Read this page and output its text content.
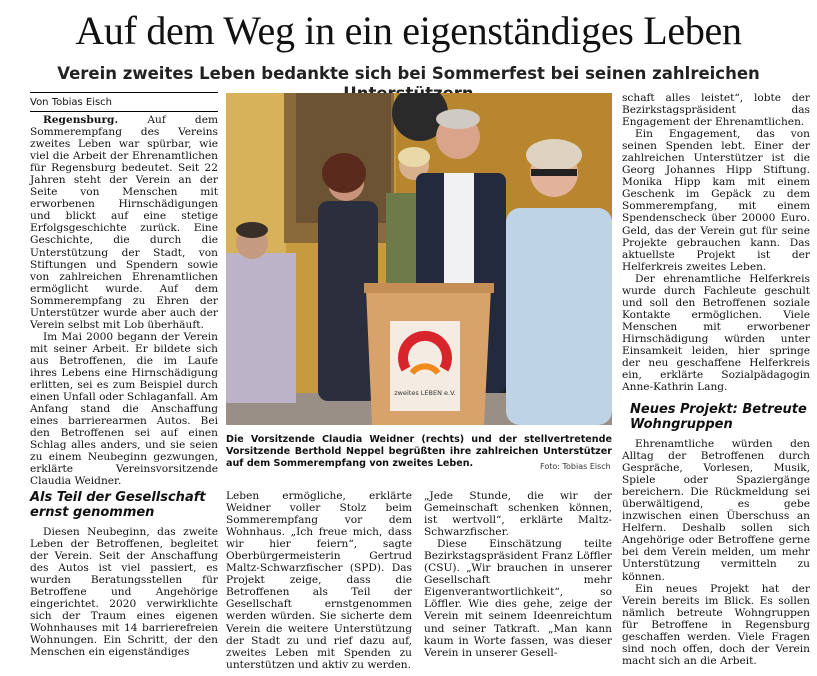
Auf dem Weg in ein eigenständiges Leben
Verein zweites Leben bedankte sich bei Sommerfest bei seinen zahlreichen
Von Tobias Eisch

Regensburg.	Auf dem Sommerempfang des Vereins zweites Leben war spürbar, wie viel die Arbeit der Ehrenamtlichen für Regensburg bedeutet. Seit 22 Jahren steht der Verein an der Seite von Menschen mit erworbenen Hirnschädigungen und blickt auf eine stetige Erfolgsgeschichte zurück. Eine Geschichte, die durch die Unterstützung der Stadt, von Stiftungen und Spendern sowie von zahlreichen Ehrenamtlichen ermöglicht wurde. Auf dem Sommerempfang zu Ehren der Unterstützer wurde aber auch der Verein selbst mit Lob überhäuft.

Im Mai 2000 begann der Verein mit seiner Arbeit. Er bildete sich aus Betroffenen, die im Laufe ihres Lebens eine Hirnschädigung erlitten, sei es zum Beispiel durch einen Unfall oder Schlaganfall. Am Anfang stand die Anschaffung eines barrierearmen Autos. Bei den Betroffenen sei auf einen Schlag alles anders, und sie seien zu einem Neubeginn gezwungen, erklärte Vereinsvorsitzende Claudia Weidner.

Als Teil der Gesellschaft ernst genommen

Diesen Neubeginn, das zweite Leben der Betroffenen, begleitet der Verein. Seit der Anschaffung des Autos ist viel passiert, es wurden Beratungsstellen für Betroffene und Angehörige eingerichtet. 2020 verwirklichte sich der Traum eines eigenen Wohnhauses mit 14 barrierefreien Wohnungen. Ein Schritt, der den Menschen ein eigenständiges

zweites LEBEN e.V.
Die Vorsitzende Claudia Weidner (rechts) und der stellvertretende Vorsitzende Berthold Neppel begrüßten ihre zahlreichen Unterstützer auf dem Sommerempfang von zweites Leben.	Foto: Tobias Eisch

Leben ermögliche, erklärte Weidner voller Stolz beim Sommerempfang vor dem Wohnhaus. „Ich freue mich, dass wir hier feiern“, sagte Oberbürgermeisterin Gertrud Maltz-Schwarzfischer (SPD). Das Projekt zeige, dass die Betroffenen als Teil der Gesellschaft ernstgenommen werden würden. Sie sicherte dem Verein die weitere Unterstützung der Stadt zu und rief dazu auf, zweites Leben mit Spenden zu unterstützen und aktiv zu werden.

„Jede Stunde, die wir der Gemeinschaft schenken können, ist wertvoll“, erklärte Maltz-Schwarzfischer.

Diese Einschätzung teilte Bezirkstagspräsident Franz Löffler (CSU). „Wir brauchen in unserer Gesellschaft mehr Eigenverantwortlichkeit“, so Löffler. Wie dies gehe, zeige der Verein mit seinem Ideenreichtum und seiner Tatkraft. „Man kann kaum in Worte fassen, was dieser Verein in unserer Gesell-

schaft alles leistet“, lobte der Bezirkstagspräsident das Engagement der Ehrenamtlichen.

Ein Engagement, das von seinen Spenden lebt. Einer der zahlreichen Unterstützer ist die Georg Johannes Hipp Stiftung. Monika Hipp kam mit einem Geschenk im Gepäck zu dem Sommerempfang, mit einem Spendenscheck über 20000 Euro. Geld, das der Verein gut für seine Projekte gebrauchen kann. Das aktuellste Projekt ist der Helferkreis zweites Leben.

Der ehrenamtliche Helferkreis wurde durch Fachleute geschult und soll den Betroffenen soziale Kontakte ermöglichen. Viele Menschen mit erworbener Hirnschädigung würden unter Einsamkeit leiden, hier springe der neu geschaffene Helferkreis ein, erklärte Sozialpädagogin Anne-Kathrin Lang.

Neues Projekt: Betreute Wohngruppen

Ehrenamtliche würden den Alltag der Betroffenen durch Gespräche, Vorlesen, Musik, Spiele oder Spaziergänge bereichern. Die Rückmeldung sei überwältigend, es gebe inzwischen einen Überschuss an Helfern. Deshalb sollen sich Angehörige oder Betroffene gerne bei dem Verein melden, um mehr Unterstützung vermitteln zu können.

Ein neues Projekt hat der Verein bereits im Blick. Es sollen nämlich betreute Wohngruppen für Betroffene in Regensburg geschaffen werden. Viele Fragen sind noch offen, doch der Verein macht sich an die Arbeit.
